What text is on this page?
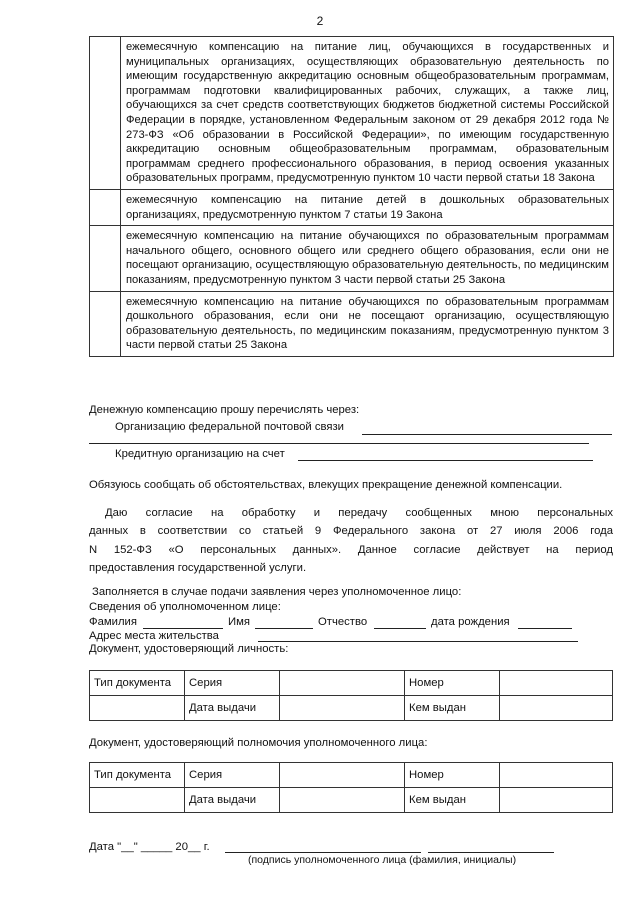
2
	ежемесячную компенсацию на питание лиц, обучающихся в государственных и муниципальных организациях, осуществляющих образовательную деятельность по имеющим государственную аккредитацию основным общеобразовательным программам, программам подготовки квалифицированных рабочих, служащих, а также лиц, обучающихся за счет средств соответствующих бюджетов бюджетной системы Российской Федерации в порядке, установленном Федеральным законом от 29 декабря 2012 года № 273-ФЗ «Об образовании в Российской Федерации», по имеющим государственную аккредитацию основным общеобразовательным программам, образовательным программам среднего профессионального образования, в период освоения указанных образовательных программ, предусмотренную пунктом 10 части первой статьи 18 Закона
	ежемесячную компенсацию на питание детей в дошкольных образовательных организациях, предусмотренную пунктом 7 статьи 19 Закона
	ежемесячную компенсацию на питание обучающихся по образовательным программам начального общего, основного общего или среднего общего образования, если они не посещают организацию, осуществляющую образовательную деятельность, по медицинским показаниям, предусмотренную пунктом 3 части первой статьи 25 Закона
	ежемесячную компенсацию на питание обучающихся по образовательным программам дошкольного образования, если они не посещают организацию, осуществляющую образовательную деятельность, по медицинским показаниям, предусмотренную пунктом 3 части первой статьи 25 Закона
Денежную компенсацию прошу перечислять через:
Организацию федеральной почтовой связи
Кредитную организацию на счет
Обязуюсь сообщать об обстоятельствах, влекущих прекращение денежной компенсации.
Даю согласие на обработку и передачу сообщенных мною персональных
данных в соответствии со статьей 9 Федерального закона от 27 июля 2006 года
N 152-ФЗ «О персональных данных». Данное согласие действует на период
предоставления государственной услуги.
Заполняется в случае подачи заявления через уполномоченное лицо:
Сведения об уполномоченном лице:
Фамилия	Имя	Отчество	дата рождения
Адрес места жительства
Документ, удостоверяющий личность:
Тип документа	Серия		Номер	
	Дата выдачи		Кем выдан	
Документ, удостоверяющий полномочия уполномоченного лица:
Тип документа	Серия		Номер	
	Дата выдачи		Кем выдан	
Дата "__" _____ 20__ г.
(подпись уполномоченного лица (фамилия, инициалы)
